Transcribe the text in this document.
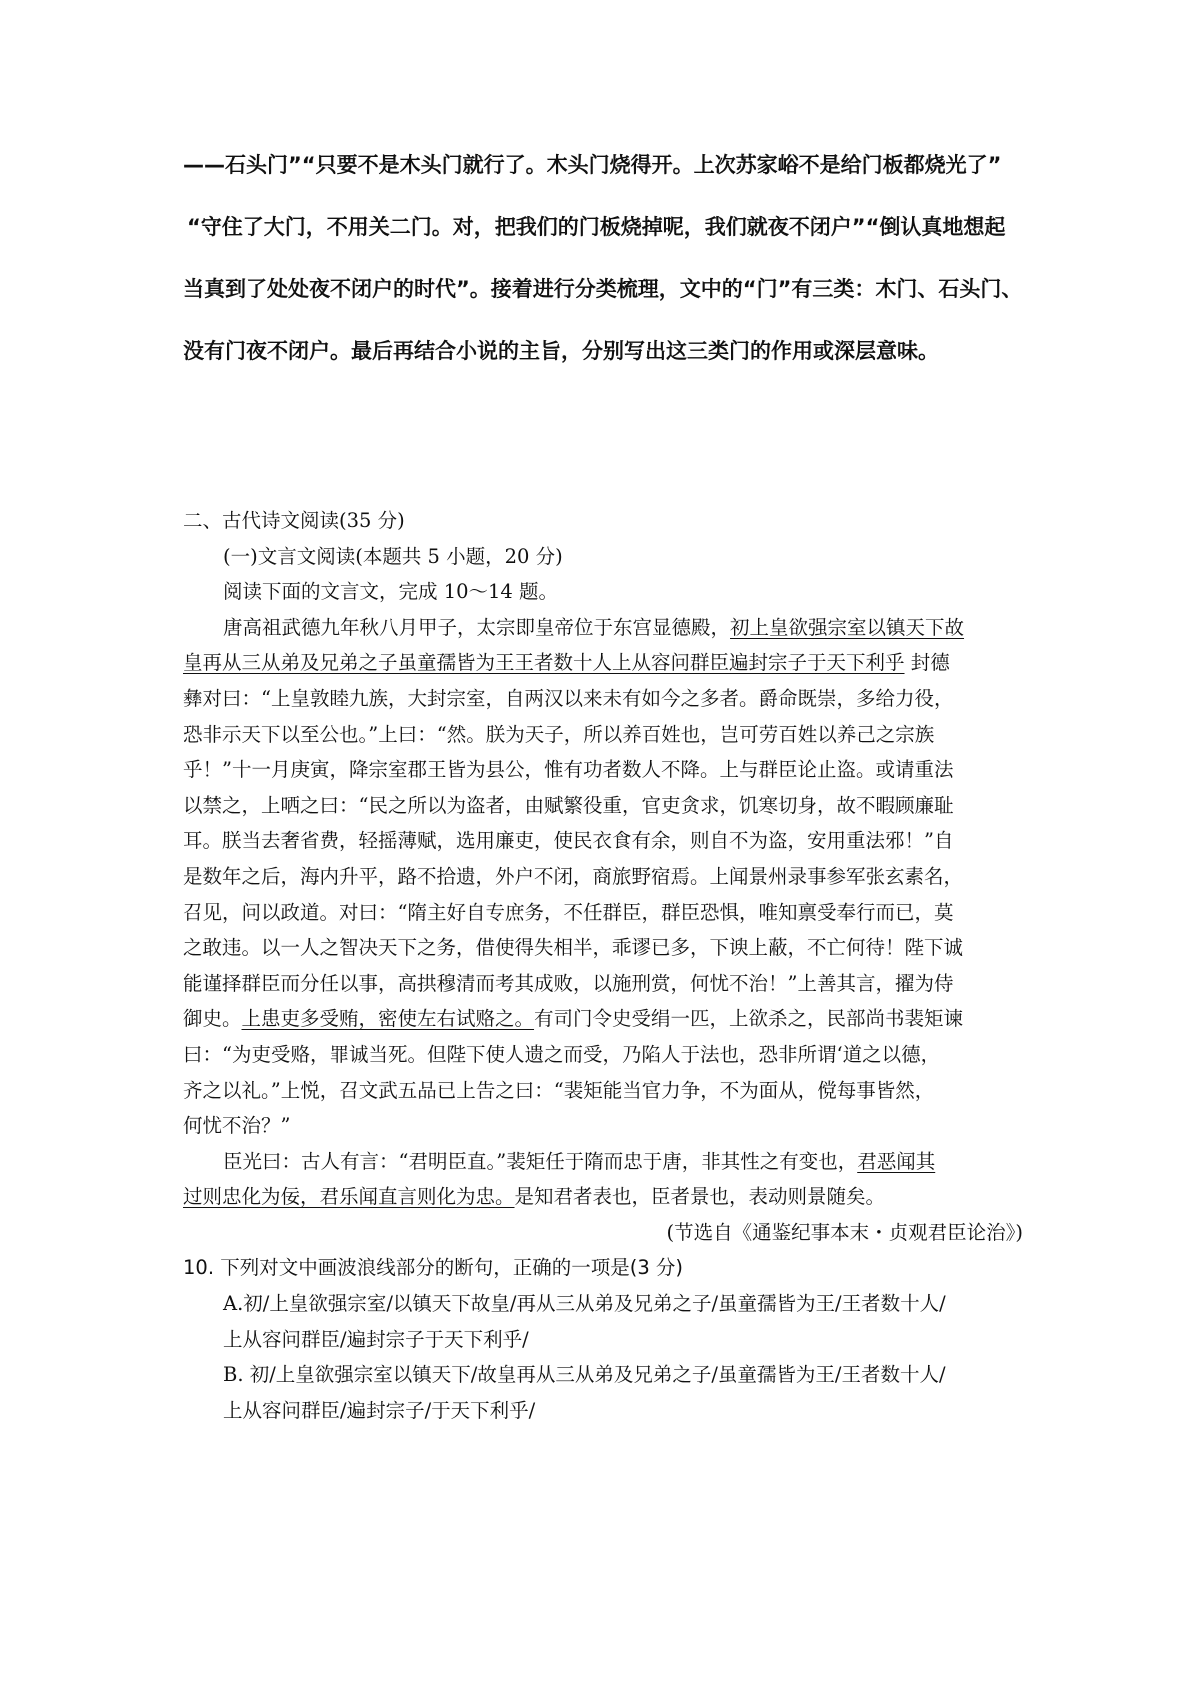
——石头门”“只要不是木头门就行了。木头门烧得开。上次苏家峪不是给门板都烧光了”

“守住了大门，不用关二门。对，把我们的门板烧掉呢，我们就夜不闭户”“倒认真地想起

当真到了处处夜不闭户的时代”。接着进行分类梳理，文中的“门”有三类：木门、石头门、

没有门夜不闭户。最后再结合小说的主旨，分别写出这三类门的作用或深层意味。

二、古代诗文阅读(35 分)

(一)文言文阅读(本题共 5 小题，20 分)

阅读下面的文言文，完成 10～14 题。

唐高祖武德九年秋八月甲子，太宗即皇帝位于东宫显德殿，初上皇欲强宗室以镇天下故

皇再从三从弟及兄弟之子虽童孺皆为王王者数十人上从容问群臣遍封宗子于天下利乎 封德

彝对曰：“上皇敦睦九族，大封宗室，自两汉以来未有如今之多者。爵命既崇，多给力役，

恐非示天下以至公也。”上曰：“然。朕为天子，所以养百姓也，岂可劳百姓以养己之宗族

乎！”十一月庚寅，降宗室郡王皆为县公，惟有功者数人不降。上与群臣论止盗。或请重法

以禁之，上哂之曰：“民之所以为盗者，由赋繁役重，官吏贪求，饥寒切身，故不暇顾廉耻

耳。朕当去奢省费，轻摇薄赋，选用廉吏，使民衣食有余，则自不为盗，安用重法邪！”自

是数年之后，海内升平，路不拾遗，外户不闭，商旅野宿焉。上闻景州录事参军张玄素名，

召见，问以政道。对曰：“隋主好自专庶务，不任群臣，群臣恐惧，唯知禀受奉行而已，莫

之敢违。以一人之智决天下之务，借使得失相半，乖谬已多，下谀上蔽，不亡何待！陛下诚

能谨择群臣而分任以事，高拱穆清而考其成败，以施刑赏，何忧不治！”上善其言，擢为侍

御史。上患吏多受贿，密使左右试赂之。有司门令史受绢一匹，上欲杀之，民部尚书裴矩谏

曰：“为吏受赂，罪诚当死。但陛下使人遗之而受，乃陷人于法也，恐非所谓‘道之以德，

齐之以礼。”上悦，召文武五品已上告之曰：“裴矩能当官力争，不为面从，傥每事皆然，

何忧不治？”

臣光曰：古人有言：“君明臣直。”裴矩任于隋而忠于唐，非其性之有变也，君恶闻其

过则忠化为佞，君乐闻直言则化为忠。是知君者表也，臣者景也，表动则景随矣。

(节选自《通鉴纪事本末・贞观君臣论治》)

10. 下列对文中画波浪线部分的断句，正确的一项是(3 分)

A.初/上皇欲强宗室/以镇天下故皇/再从三从弟及兄弟之子/虽童孺皆为王/王者数十人/

上从容问群臣/遍封宗子于天下利乎/

B. 初/上皇欲强宗室以镇天下/故皇再从三从弟及兄弟之子/虽童孺皆为王/王者数十人/

上从容问群臣/遍封宗子/于天下利乎/
